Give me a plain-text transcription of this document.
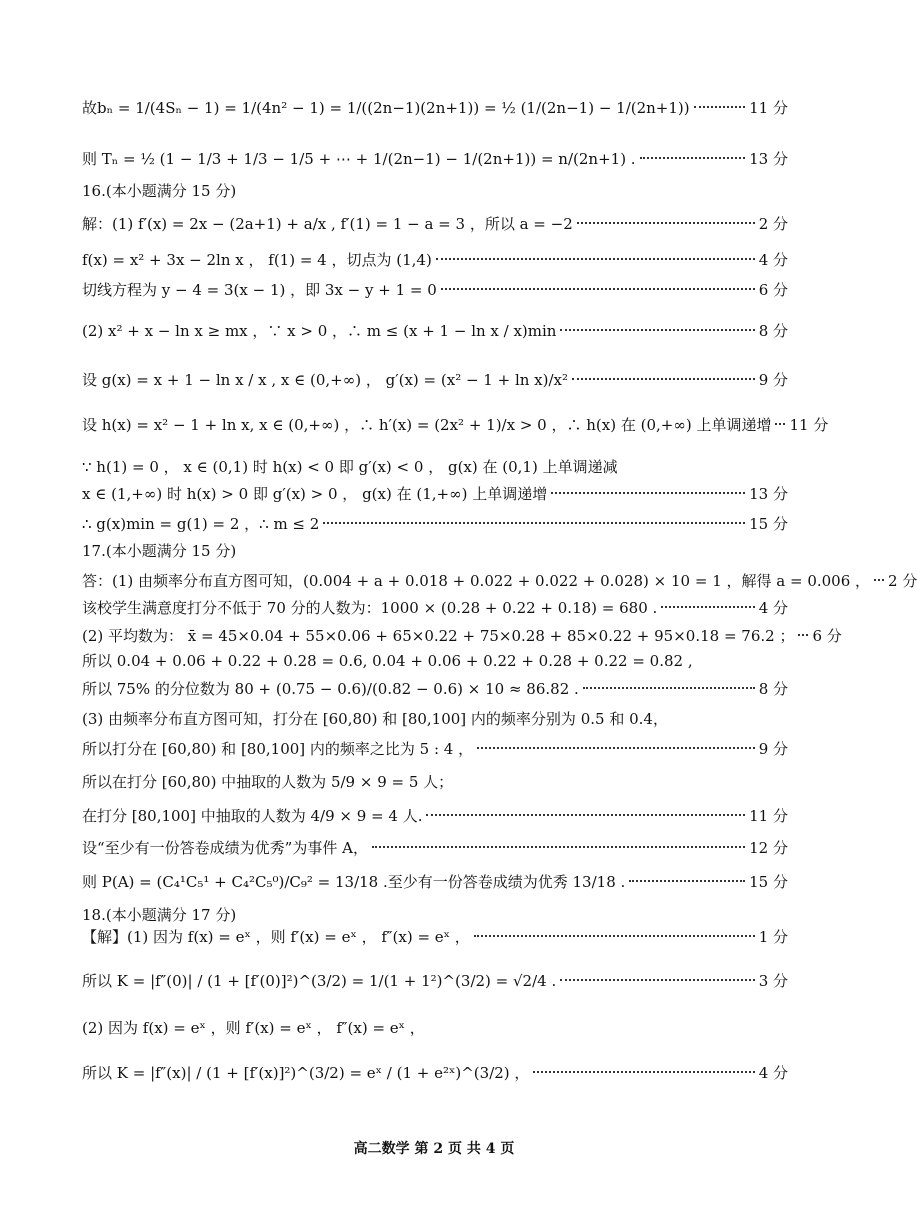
故bₙ = 1/(4Sₙ − 1) = 1/(4n² − 1) = 1/((2n−1)(2n+1)) = ½ (1/(2n−1) − 1/(2n+1))	11 分
则 Tₙ = ½ (1 − 1/3 + 1/3 − 1/5 + ⋯ + 1/(2n−1) − 1/(2n+1)) = n/(2n+1) .	13 分
16.(本小题满分 15 分)
解：(1) f′(x) = 2x − (2a+1) + a/x , f′(1) = 1 − a = 3 ，所以 a = −2	2 分
f(x) = x² + 3x − 2ln x ， f(1) = 4 ，切点为 (1,4)	4 分
切线方程为 y − 4 = 3(x − 1) ，即 3x − y + 1 = 0	6 分
(2) x² + x − ln x ≥ mx ，∵ x > 0 ，∴ m ≤ (x + 1 − ln x / x)min	8 分
设 g(x) = x + 1 − ln x / x , x ∈ (0,+∞) ， g′(x) = (x² − 1 + ln x)/x²	9 分
设 h(x) = x² − 1 + ln x, x ∈ (0,+∞) ，∴ h′(x) = (2x² + 1)/x > 0 ，∴ h(x) 在 (0,+∞) 上单调递增 11 分
∵ h(1) = 0 ， x ∈ (0,1) 时 h(x) < 0 即 g′(x) < 0 ， g(x) 在 (0,1) 上单调递减
x ∈ (1,+∞) 时 h(x) > 0 即 g′(x) > 0 ， g(x) 在 (1,+∞) 上单调递增	13 分
∴ g(x)min = g(1) = 2 ，∴ m ≤ 2	15 分
17.(本小题满分 15 分)
答：(1) 由频率分布直方图可知，(0.004 + a + 0.018 + 0.022 + 0.022 + 0.028) × 10 = 1 ，解得 a = 0.006 ， 2 分
该校学生满意度打分不低于 70 分的人数为：1000 × (0.28 + 0.22 + 0.18) = 680 .	4 分
(2) 平均数为： x̄ = 45×0.04 + 55×0.06 + 65×0.22 + 75×0.28 + 85×0.22 + 95×0.18 = 76.2 ； 6 分
所以 0.04 + 0.06 + 0.22 + 0.28 = 0.6, 0.04 + 0.06 + 0.22 + 0.28 + 0.22 = 0.82 ,
所以 75% 的分位数为 80 + (0.75 − 0.6)/(0.82 − 0.6) × 10 ≈ 86.82 .	8 分
(3) 由频率分布直方图可知，打分在 [60,80) 和 [80,100] 内的频率分别为 0.5 和 0.4，
所以打分在 [60,80) 和 [80,100] 内的频率之比为 5 : 4 ，	9 分
所以在打分 [60,80) 中抽取的人数为 5/9 × 9 = 5 人；
在打分 [80,100] 中抽取的人数为 4/9 × 9 = 4 人.	11 分
设“至少有一份答卷成绩为优秀”为事件 A，	12 分
则 P(A) = (C₄¹C₅¹ + C₄²C₅⁰)/C₉² = 13/18 .至少有一份答卷成绩为优秀 13/18 .	15 分
18.(本小题满分 17 分)
【解】(1) 因为 f(x) = eˣ ，则 f′(x) = eˣ ， f″(x) = eˣ ，	1 分
所以 K = |f″(0)| / (1 + [f′(0)]²)^(3/2) = 1/(1 + 1²)^(3/2) = √2/4 .	3 分
(2) 因为 f(x) = eˣ ，则 f′(x) = eˣ ， f″(x) = eˣ ，
所以 K = |f″(x)| / (1 + [f′(x)]²)^(3/2) = eˣ / (1 + e²ˣ)^(3/2) ，	4 分
高二数学 第 2 页 共 4 页
